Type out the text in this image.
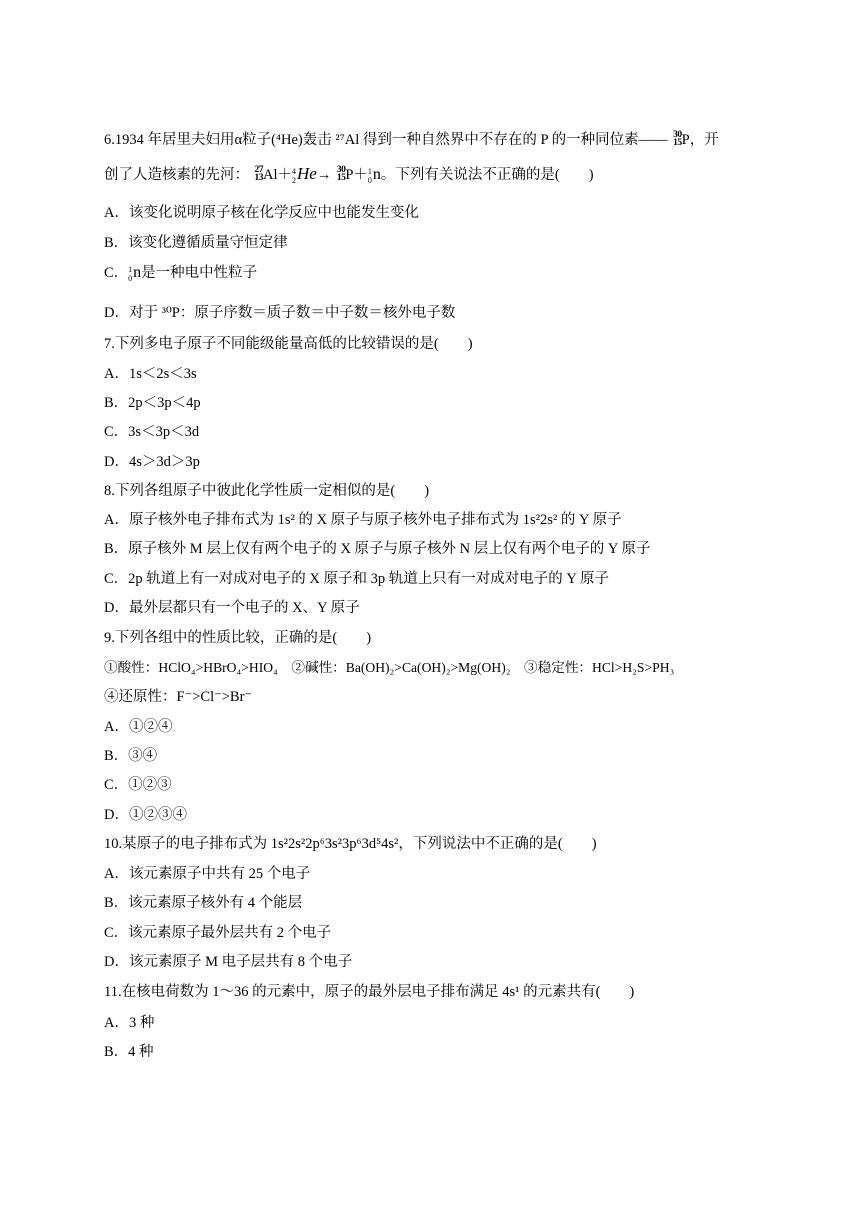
6.1934 年居里夫妇用α粒子(⁴He)轰击 ²⁷Al 得到一种自然界中不存在的 P 的一种同位素—— 30
15 P，开
创了人造核素的先河： 27
13 Al＋ 4
2 He→ 30
15 P＋ 1
0 n。下列有关说法不正确的是(　　)
A．该变化说明原子核在化学反应中也能发生变化
B．该变化遵循质量守恒定律
C． 1
0 n是一种电中性粒子
D．对于 ³⁰P：原子序数＝质子数＝中子数＝核外电子数
7.下列多电子原子不同能级能量高低的比较错误的是(　　)
A．1s＜2s＜3s
B．2p＜3p＜4p
C．3s＜3p＜3d
D．4s＞3d＞3p
8.下列各组原子中彼此化学性质一定相似的是(　　)
A．原子核外电子排布式为 1s² 的 X 原子与原子核外电子排布式为 1s²2s² 的 Y 原子
B．原子核外 M 层上仅有两个电子的 X 原子与原子核外 N 层上仅有两个电子的 Y 原子
C．2p 轨道上有一对成对电子的 X 原子和 3p 轨道上只有一对成对电子的 Y 原子
D．最外层都只有一个电子的 X、Y 原子
9.下列各组中的性质比较，正确的是(　　)
①酸性：HClO₄>HBrO₄>HIO₄　②碱性：Ba(OH)₂>Ca(OH)₂>Mg(OH)₂　③稳定性：HCl>H₂S>PH₃
④还原性：F⁻>Cl⁻>Br⁻
A．①②④
B．③④
C．①②③
D．①②③④
10.某原子的电子排布式为 1s²2s²2p⁶3s²3p⁶3d⁵4s²，下列说法中不正确的是(　　)
A．该元素原子中共有 25 个电子
B．该元素原子核外有 4 个能层
C．该元素原子最外层共有 2 个电子
D．该元素原子 M 电子层共有 8 个电子
11.在核电荷数为 1～36 的元素中，原子的最外层电子排布满足 4s¹ 的元素共有(　　)
A．3 种
B．4 种
